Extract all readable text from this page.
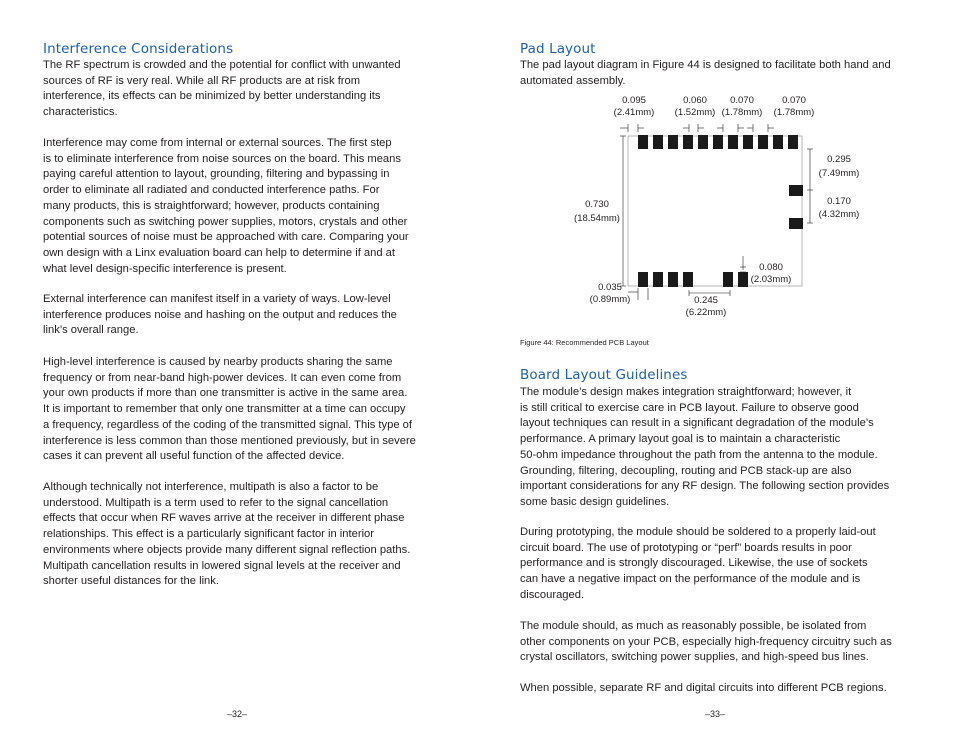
Interference Considerations

The RF spectrum is crowded and the potential for conflict with unwanted
sources of RF is very real. While all RF products are at risk from
interference, its effects can be minimized by better understanding its
characteristics.

Interference may come from internal or external sources. The first step
is to eliminate interference from noise sources on the board. This means
paying careful attention to layout, grounding, filtering and bypassing in
order to eliminate all radiated and conducted interference paths. For
many products, this is straightforward; however, products containing
components such as switching power supplies, motors, crystals and other
potential sources of noise must be approached with care. Comparing your
own design with a Linx evaluation board can help to determine if and at
what level design-specific interference is present.

External interference can manifest itself in a variety of ways. Low-level
interference produces noise and hashing on the output and reduces the
link’s overall range.

High-level interference is caused by nearby products sharing the same
frequency or from near-band high-power devices. It can even come from
your own products if more than one transmitter is active in the same area.
It is important to remember that only one transmitter at a time can occupy
a frequency, regardless of the coding of the transmitted signal. This type of
interference is less common than those mentioned previously, but in severe
cases it can prevent all useful function of the affected device.

Although technically not interference, multipath is also a factor to be
understood. Multipath is a term used to refer to the signal cancellation
effects that occur when RF waves arrive at the receiver in different phase
relationships. This effect is a particularly significant factor in interior
environments where objects provide many different signal reflection paths.
Multipath cancellation results in lowered signal levels at the receiver and
shorter useful distances for the link.

–32–
Pad Layout

The pad layout diagram in Figure 44 is designed to facilitate both hand and
automated assembly.

0.730
(18.54mm)
0.095
(2.41mm)
0.060
(1.52mm)
0.070
(1.78mm)
0.070
(1.78mm)
0.295
(7.49mm)
0.170
(4.32mm)
0.035
(0.89mm)	0.245
(6.22mm)
0.080
(2.03mm)
Figure 44: Recommended PCB Layout
Board Layout Guidelines

The module’s design makes integration straightforward; however, it
is still critical to exercise care in PCB layout. Failure to observe good
layout techniques can result in a significant degradation of the module’s
performance. A primary layout goal is to maintain a characteristic
50-ohm impedance throughout the path from the antenna to the module.
Grounding, filtering, decoupling, routing and PCB stack-up are also
important considerations for any RF design. The following section provides
some basic design guidelines.

During prototyping, the module should be soldered to a properly laid-out
circuit board. The use of prototyping or “perf” boards results in poor
performance and is strongly discouraged. Likewise, the use of sockets
can have a negative impact on the performance of the module and is
discouraged.

The module should, as much as reasonably possible, be isolated from
other components on your PCB, especially high-frequency circuitry such as
crystal oscillators, switching power supplies, and high-speed bus lines.

When possible, separate RF and digital circuits into different PCB regions.

–33–
